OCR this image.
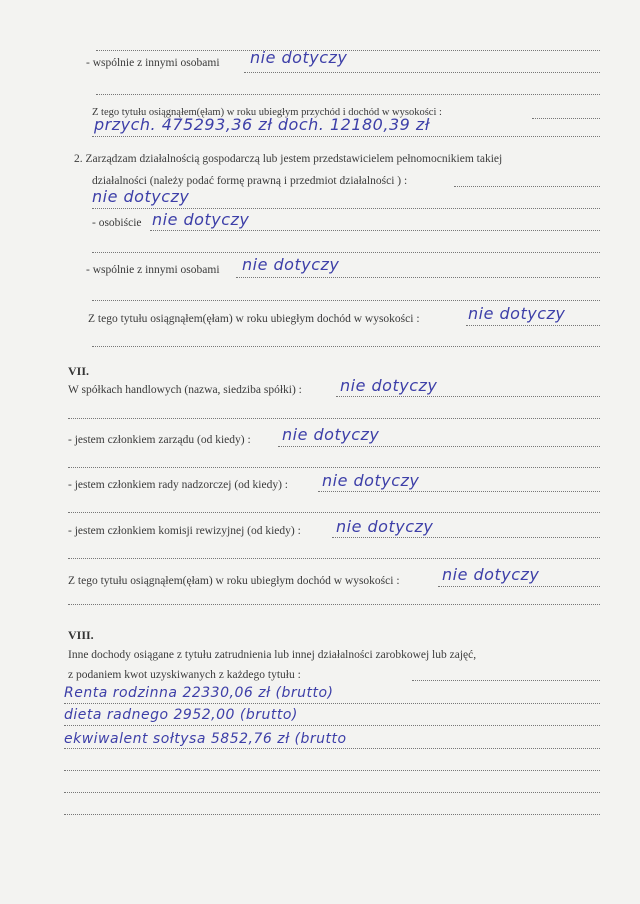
- wspólnie z innymi osobami nie dotyczy
Z tego tytułu osiągnąłem(ęłam) w roku ubiegłym przychód i dochód w wysokości :
przych. 475293,36 zł doch. 12180,39 zł
2. Zarządzam działalnością gospodarczą lub jestem przedstawicielem pełnomocnikiem takiej
działalności (należy podać formę prawną i przedmiot działalności ) :
nie dotyczy
- osobiście nie dotyczy
- wspólnie z innymi osobami nie dotyczy
Z tego tytułu osiągnąłem(ęłam) w roku ubiegłym dochód w wysokości :	nie dotyczy
VII.
W spółkach handlowych (nazwa, siedziba spółki) : nie dotyczy
- jestem członkiem zarządu (od kiedy) : nie dotyczy
- jestem członkiem rady nadzorczej (od kiedy) : nie dotyczy
- jestem członkiem komisji rewizyjnej (od kiedy) : nie dotyczy
Z tego tytułu osiągnąłem(ęłam) w roku ubiegłym dochód w wysokości :	nie dotyczy
VIII.
Inne dochody osiągane z tytułu zatrudnienia lub innej działalności zarobkowej lub zajęć,
z podaniem kwot uzyskiwanych z każdego tytułu :
Renta rodzinna 22330,06 zł (brutto)
dieta radnego 2952,00 (brutto)
ekwiwalent sołtysa 5852,76 zł (brutto
